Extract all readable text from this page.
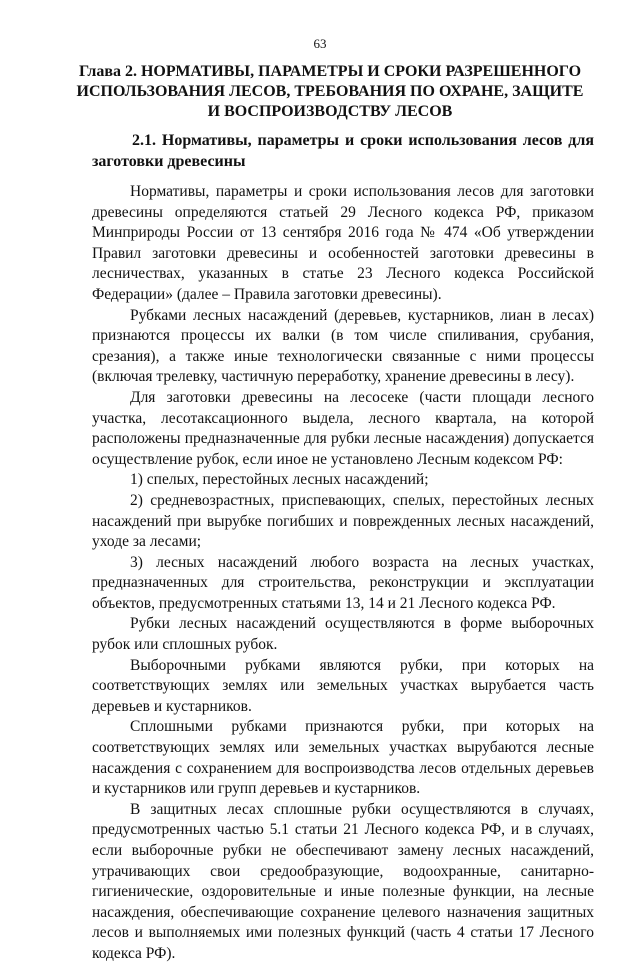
63
Глава 2. НОРМАТИВЫ, ПАРАМЕТРЫ И СРОКИ РАЗРЕШЕННОГО ИСПОЛЬЗОВАНИЯ ЛЕСОВ, ТРЕБОВАНИЯ ПО ОХРАНЕ, ЗАЩИТЕ И ВОСПРОИЗВОДСТВУ ЛЕСОВ
2.1. Нормативы, параметры и сроки использования лесов для заготовки древесины

Нормативы, параметры и сроки использования лесов для заготовки древесины определяются статьей 29 Лесного кодекса РФ, приказом Минприроды России от 13 сентября 2016 года № 474 «Об утверждении Правил заготовки древесины и особенностей заготовки древесины в лесничествах, указанных в статье 23 Лесного кодекса Российской Федерации» (далее – Правила заготовки древесины).

Рубками лесных насаждений (деревьев, кустарников, лиан в лесах) признаются процессы их валки (в том числе спиливания, срубания, срезания), а также иные технологически связанные с ними процессы (включая трелевку, частичную переработку, хранение древесины в лесу).

Для заготовки древесины на лесосеке (части площади лесного участка, лесотаксационного выдела, лесного квартала, на которой расположены предназначенные для рубки лесные насаждения) допускается осуществление рубок, если иное не установлено Лесным кодексом РФ:

1) спелых, перестойных лесных насаждений;

2) средневозрастных, приспевающих, спелых, перестойных лесных насаждений при вырубке погибших и поврежденных лесных насаждений, уходе за лесами;

3) лесных насаждений любого возраста на лесных участках, предназначенных для строительства, реконструкции и эксплуатации объектов, предусмотренных статьями 13, 14 и 21 Лесного кодекса РФ.

Рубки лесных насаждений осуществляются в форме выборочных рубок или сплошных рубок.

Выборочными рубками являются рубки, при которых на соответствующих землях или земельных участках вырубается часть деревьев и кустарников.

Сплошными рубками признаются рубки, при которых на соответствующих землях или земельных участках вырубаются лесные насаждения с сохранением для воспроизводства лесов отдельных деревьев и кустарников или групп деревьев и кустарников.

В защитных лесах сплошные рубки осуществляются в случаях, предусмотренных частью 5.1 статьи 21 Лесного кодекса РФ, и в случаях, если выборочные рубки не обеспечивают замену лесных насаждений, утрачивающих свои средообразующие, водоохранные, санитарно-гигиенические, оздоровительные и иные полезные функции, на лесные насаждения, обеспечивающие сохранение целевого назначения защитных лесов и выполняемых ими полезных функций (часть 4 статьи 17 Лесного кодекса РФ).
